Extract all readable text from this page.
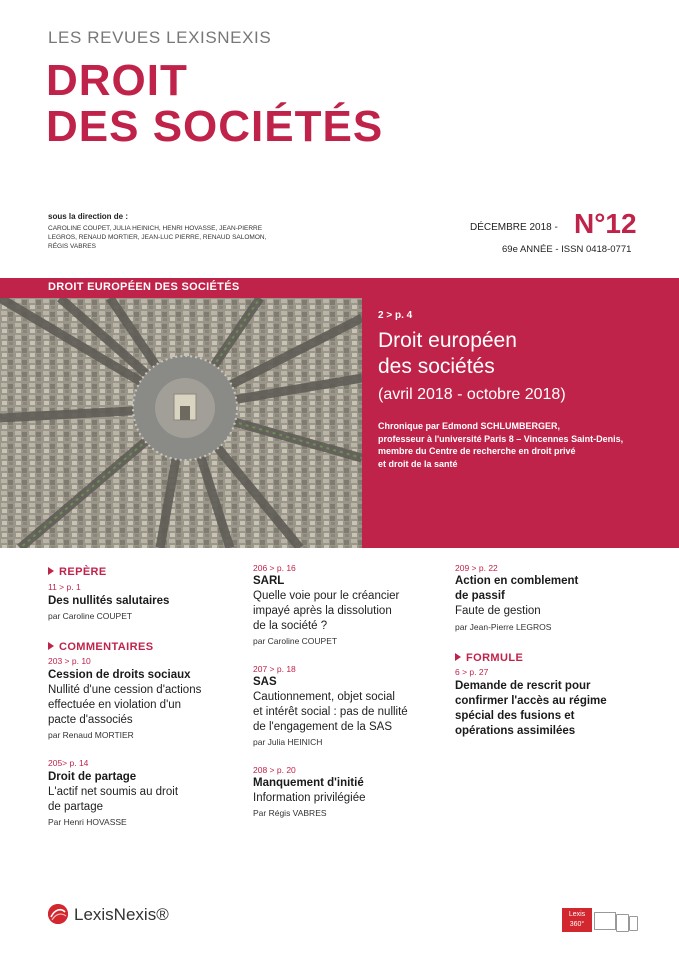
LES REVUES LEXISNEXIS
DROIT
DES SOCIÉTÉS
sous la direction de :
CAROLINE COUPET, JULIA HEINICH, HENRI HOVASSE, JEAN-PIERRE LEGROS, RENAUD MORTIER, JEAN-LUC PIERRE, RENAUD SALOMON, RÉGIS VABRES
DÉCEMBRE 2018 - N°12
69e ANNÉE - ISSN 0418-0771
DROIT EUROPÉEN DES SOCIÉTÉS
2 > p. 4
Droit européen
des sociétés
(avril 2018 - octobre 2018)
Chronique par Edmond SCHLUMBERGER,
professeur à l'université Paris 8 – Vincennes Saint-Denis,
membre du Centre de recherche en droit privé
et droit de la santé
REPÈRE
11 > p. 1
Des nullités salutaires
par Caroline COUPET
COMMENTAIRES
203 > p. 10
Cession de droits sociaux
Nullité d'une cession d'actions
effectuée en violation d'un
pacte d'associés
par Renaud MORTIER
205> p. 14
Droit de partage
L'actif net soumis au droit
de partage
Par Henri HOVASSE
206 > p. 16
SARL
Quelle voie pour le créancier
impayé après la dissolution
de la société ?
par Caroline COUPET
207 > p. 18
SAS
Cautionnement, objet social
et intérêt social : pas de nullité
de l'engagement de la SAS
par Julia HEINICH
208 > p. 20
Manquement d'initié
Information privilégiée
Par Régis VABRES
209 > p. 22
Action en comblement
de passif
Faute de gestion
par Jean-Pierre LEGROS
FORMULE
6 > p. 27
Demande de rescrit pour
confirmer l'accès au régime
spécial des fusions et
opérations assimilées
LexisNexis®	Lexis
360°
